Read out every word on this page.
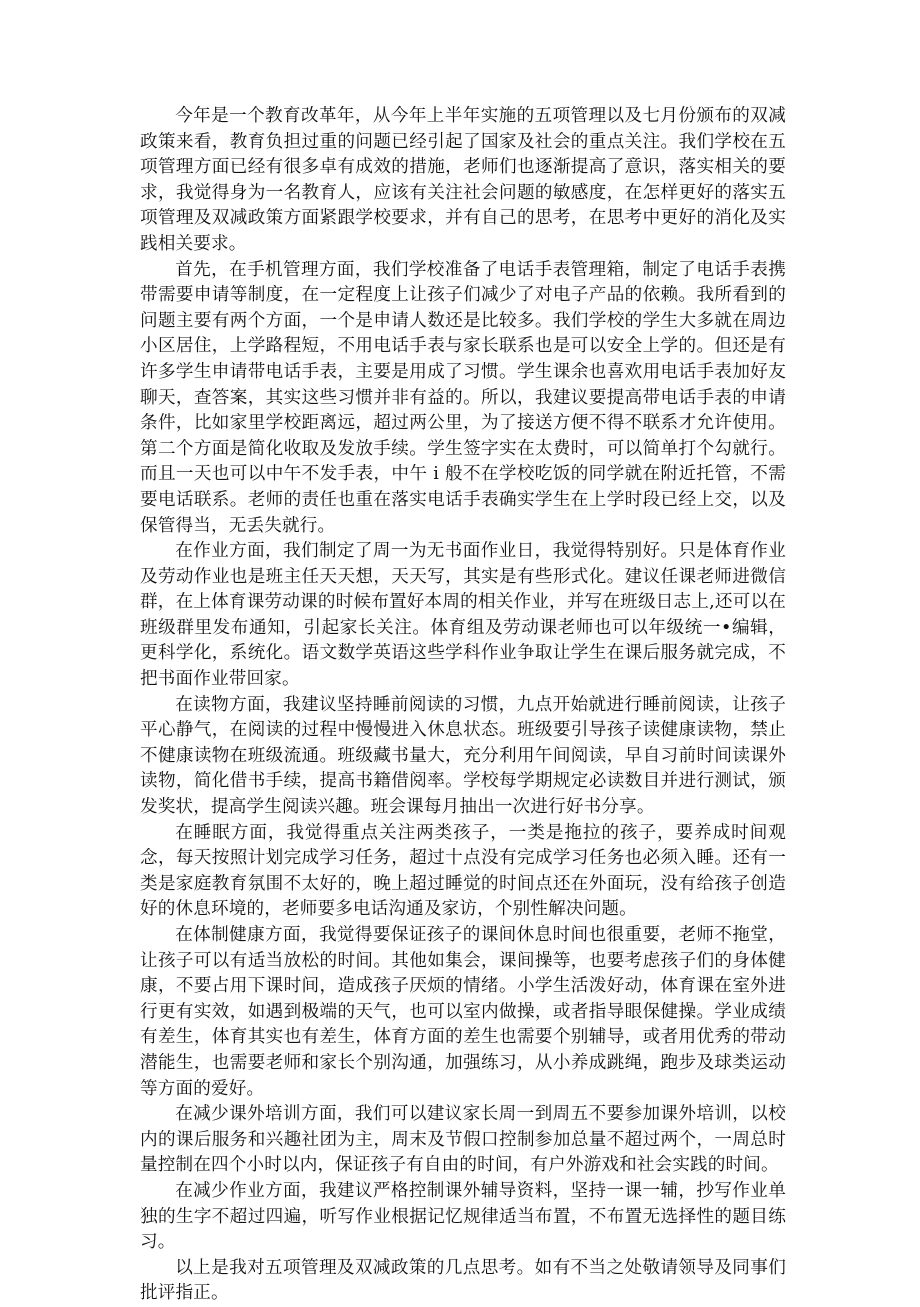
今年是一个教育改革年，从今年上半年实施的五项管理以及七月份颁布的双减政策来看，教育负担过重的问题已经引起了国家及社会的重点关注。我们学校在五项管理方面已经有很多卓有成效的措施，老师们也逐渐提高了意识，落实相关的要求，我觉得身为一名教育人，应该有关注社会问题的敏感度，在怎样更好的落实五项管理及双减政策方面紧跟学校要求，并有自己的思考，在思考中更好的消化及实践相关要求。

首先，在手机管理方面，我们学校准备了电话手表管理箱，制定了电话手表携带需要申请等制度，在一定程度上让孩子们减少了对电子产品的依赖。我所看到的问题主要有两个方面，一个是申请人数还是比较多。我们学校的学生大多就在周边小区居住，上学路程短，不用电话手表与家长联系也是可以安全上学的。但还是有许多学生申请带电话手表，主要是用成了习惯。学生课余也喜欢用电话手表加好友聊天，查答案，其实这些习惯并非有益的。所以，我建议要提高带电话手表的申请条件，比如家里学校距离远，超过两公里，为了接送方便不得不联系才允许使用。第二个方面是简化收取及发放手续。学生签字实在太费时，可以简单打个勾就行。而且一天也可以中午不发手表，中午 i 般不在学校吃饭的同学就在附近托管，不需要电话联系。老师的责任也重在落实电话手表确实学生在上学时段已经上交，以及保管得当，无丢失就行。

在作业方面，我们制定了周一为无书面作业日，我觉得特别好。只是体育作业及劳动作业也是班主任天天想，天天写，其实是有些形式化。建议任课老师进微信群，在上体育课劳动课的时候布置好本周的相关作业，并写在班级日志上,还可以在班级群里发布通知，引起家长关注。体育组及劳动课老师也可以年级统一•编辑，更科学化，系统化。语文数学英语这些学科作业争取让学生在课后服务就完成，不把书面作业带回家。

在读物方面，我建议坚持睡前阅读的习惯，九点开始就进行睡前阅读，让孩子平心静气，在阅读的过程中慢慢进入休息状态。班级要引导孩子读健康读物，禁止不健康读物在班级流通。班级藏书量大，充分利用午间阅读，早自习前时间读课外读物，简化借书手续，提高书籍借阅率。学校每学期规定必读数目并进行测试，颁发奖状，提高学生阅读兴趣。班会课每月抽出一次进行好书分享。

在睡眠方面，我觉得重点关注两类孩子，一类是拖拉的孩子，要养成时间观念，每天按照计划完成学习任务，超过十点没有完成学习任务也必须入睡。还有一类是家庭教育氛围不太好的，晚上超过睡觉的时间点还在外面玩，没有给孩子创造好的休息环境的，老师要多电话沟通及家访，个别性解决问题。

在体制健康方面，我觉得要保证孩子的课间休息时间也很重要，老师不拖堂，让孩子可以有适当放松的时间。其他如集会，课间操等，也要考虑孩子们的身体健康，不要占用下课时间，造成孩子厌烦的情绪。小学生活泼好动，体育课在室外进行更有实效，如遇到极端的天气，也可以室内做操，或者指导眼保健操。学业成绩有差生，体育其实也有差生，体育方面的差生也需要个别辅导，或者用优秀的带动潜能生，也需要老师和家长个别沟通，加强练习，从小养成跳绳，跑步及球类运动等方面的爱好。

在减少课外培训方面，我们可以建议家长周一到周五不要参加课外培训，以校内的课后服务和兴趣社团为主，周末及节假口控制参加总量不超过两个，一周总时量控制在四个小时以内，保证孩子有自由的时间，有户外游戏和社会实践的时间。

在减少作业方面，我建议严格控制课外辅导资料，坚持一课一辅，抄写作业单独的生字不超过四遍，听写作业根据记忆规律适当布置，不布置无选择性的题目练习。

以上是我对五项管理及双减政策的几点思考。如有不当之处敬请领导及同事们批评指正。
